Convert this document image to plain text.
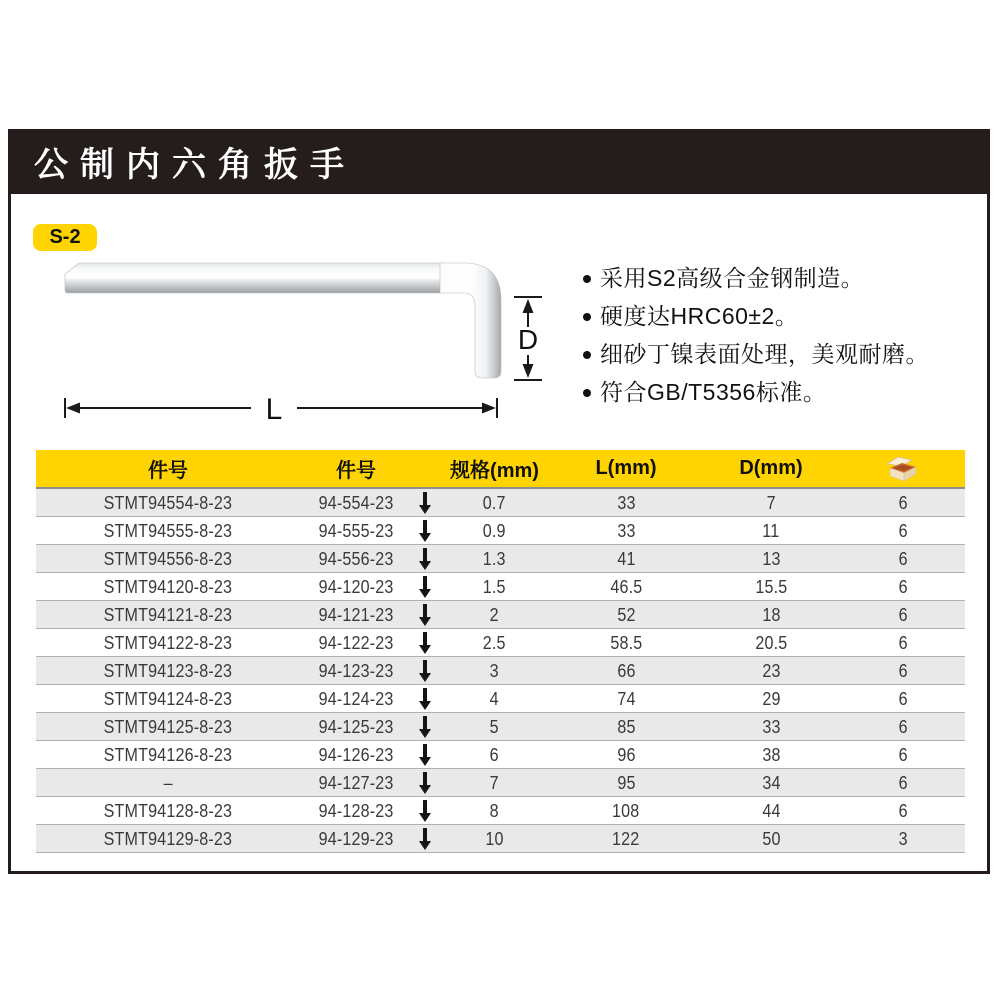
公制内六角扳手
S-2
D
L
采用S2高级合金钢制造。
硬度达HRC60±2。
细砂丁镍表面处理，美观耐磨。
符合GB/T5356标准。
件号	件号		规格(mm)	L(mm)	D(mm)	
STMT94554-8-23	94-554-23		0.7	33	7	6
STMT94555-8-23	94-555-23		0.9	33	11	6
STMT94556-8-23	94-556-23		1.3	41	13	6
STMT94120-8-23	94-120-23		1.5	46.5	15.5	6
STMT94121-8-23	94-121-23		2	52	18	6
STMT94122-8-23	94-122-23		2.5	58.5	20.5	6
STMT94123-8-23	94-123-23		3	66	23	6
STMT94124-8-23	94-124-23		4	74	29	6
STMT94125-8-23	94-125-23		5	85	33	6
STMT94126-8-23	94-126-23		6	96	38	6
–	94-127-23		7	95	34	6
STMT94128-8-23	94-128-23		8	108	44	6
STMT94129-8-23	94-129-23		10	122	50	3
